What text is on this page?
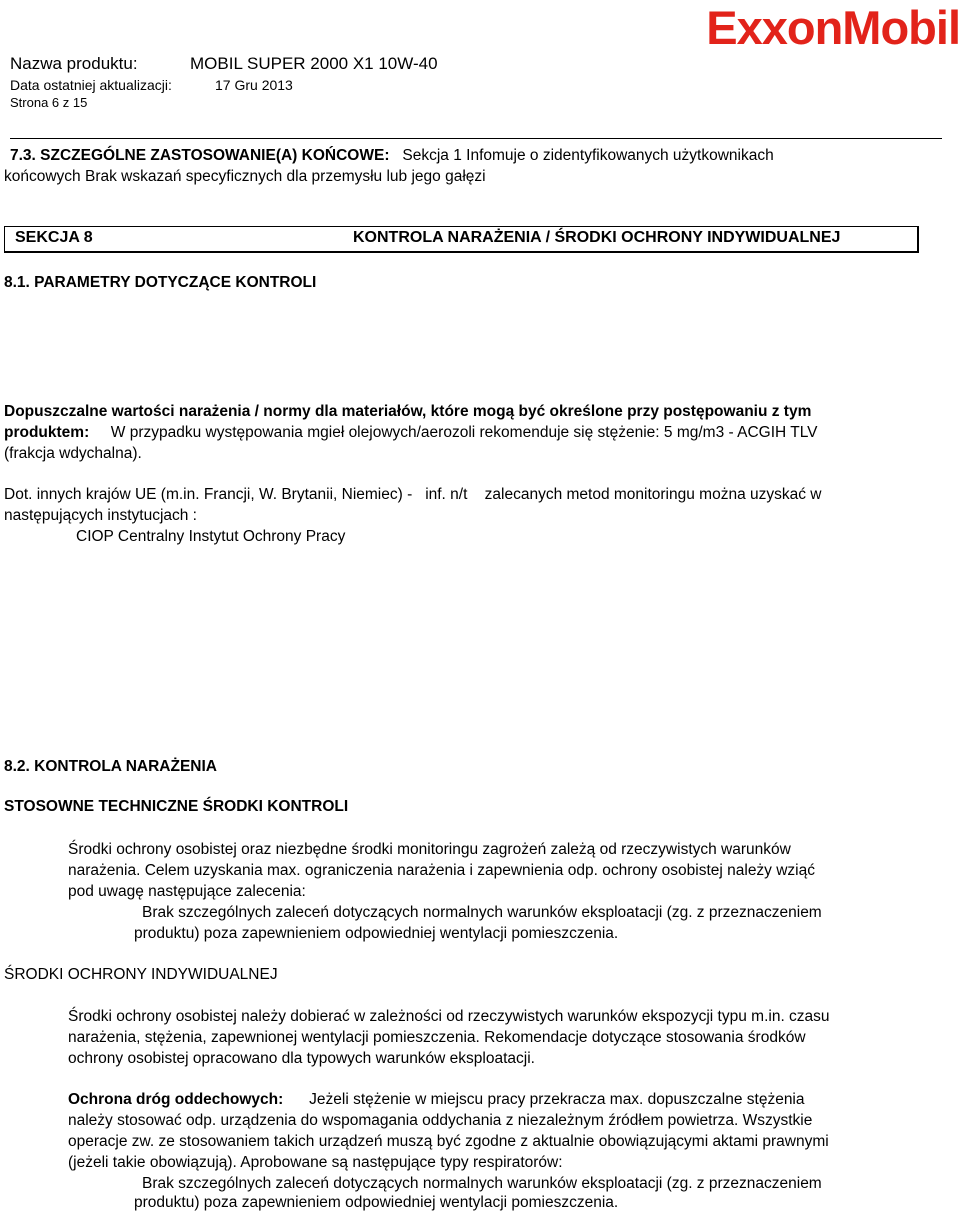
Nazwa produktu:	MOBIL SUPER 2000 X1 10W-40
Data ostatniej aktualizacji:	17 Gru 2013
Strona 6 z 15
ExxonMobil
7.3. SZCZEGÓLNE ZASTOSOWANIE(A) KOŃCOWE: Sekcja 1 Infomuje o zidentyfikowanych użytkownikach
końcowych Brak wskazań specyficznych dla przemysłu lub jego gałęzi
SEKCJA 8	KONTROLA NARAŻENIA / ŚRODKI OCHRONY INDYWIDUALNEJ
8.1. PARAMETRY DOTYCZĄCE KONTROLI
Dopuszczalne wartości narażenia / normy dla materiałów, które mogą być określone przy postępowaniu z tym
produktem: W przypadku występowania mgieł olejowych/aerozoli rekomenduje się stężenie: 5 mg/m3 - ACGIH TLV
(frakcja wdychalna).
Dot. innych krajów UE (m.in. Francji, W. Brytanii, Niemiec) - inf. n/t zalecanych metod monitoringu można uzyskać w
następujących instytucjach :
CIOP Centralny Instytut Ochrony Pracy
8.2. KONTROLA NARAŻENIA
STOSOWNE TECHNICZNE ŚRODKI KONTROLI
Środki ochrony osobistej oraz niezbędne środki monitoringu zagrożeń zależą od rzeczywistych warunków
narażenia. Celem uzyskania max. ograniczenia narażenia i zapewnienia odp. ochrony osobistej należy wziąć
pod uwagę następujące zalecenia:
Brak szczególnych zaleceń dotyczących normalnych warunków eksploatacji (zg. z przeznaczeniem
produktu) poza zapewnieniem odpowiedniej wentylacji pomieszczenia.
ŚRODKI OCHRONY INDYWIDUALNEJ
Środki ochrony osobistej należy dobierać w zależności od rzeczywistych warunków ekspozycji typu m.in. czasu
narażenia, stężenia, zapewnionej wentylacji pomieszczenia. Rekomendacje dotyczące stosowania środków
ochrony osobistej opracowano dla typowych warunków eksploatacji.
Ochrona dróg oddechowych: Jeżeli stężenie w miejscu pracy przekracza max. dopuszczalne stężenia
należy stosować odp. urządzenia do wspomagania oddychania z niezależnym źródłem powietrza. Wszystkie
operacje zw. ze stosowaniem takich urządzeń muszą być zgodne z aktualnie obowiązującymi aktami prawnymi
(jeżeli takie obowiązują). Aprobowane są następujące typy respiratorów:
Brak szczególnych zaleceń dotyczących normalnych warunków eksploatacji (zg. z przeznaczeniem
produktu) poza zapewnieniem odpowiedniej wentylacji pomieszczenia.
